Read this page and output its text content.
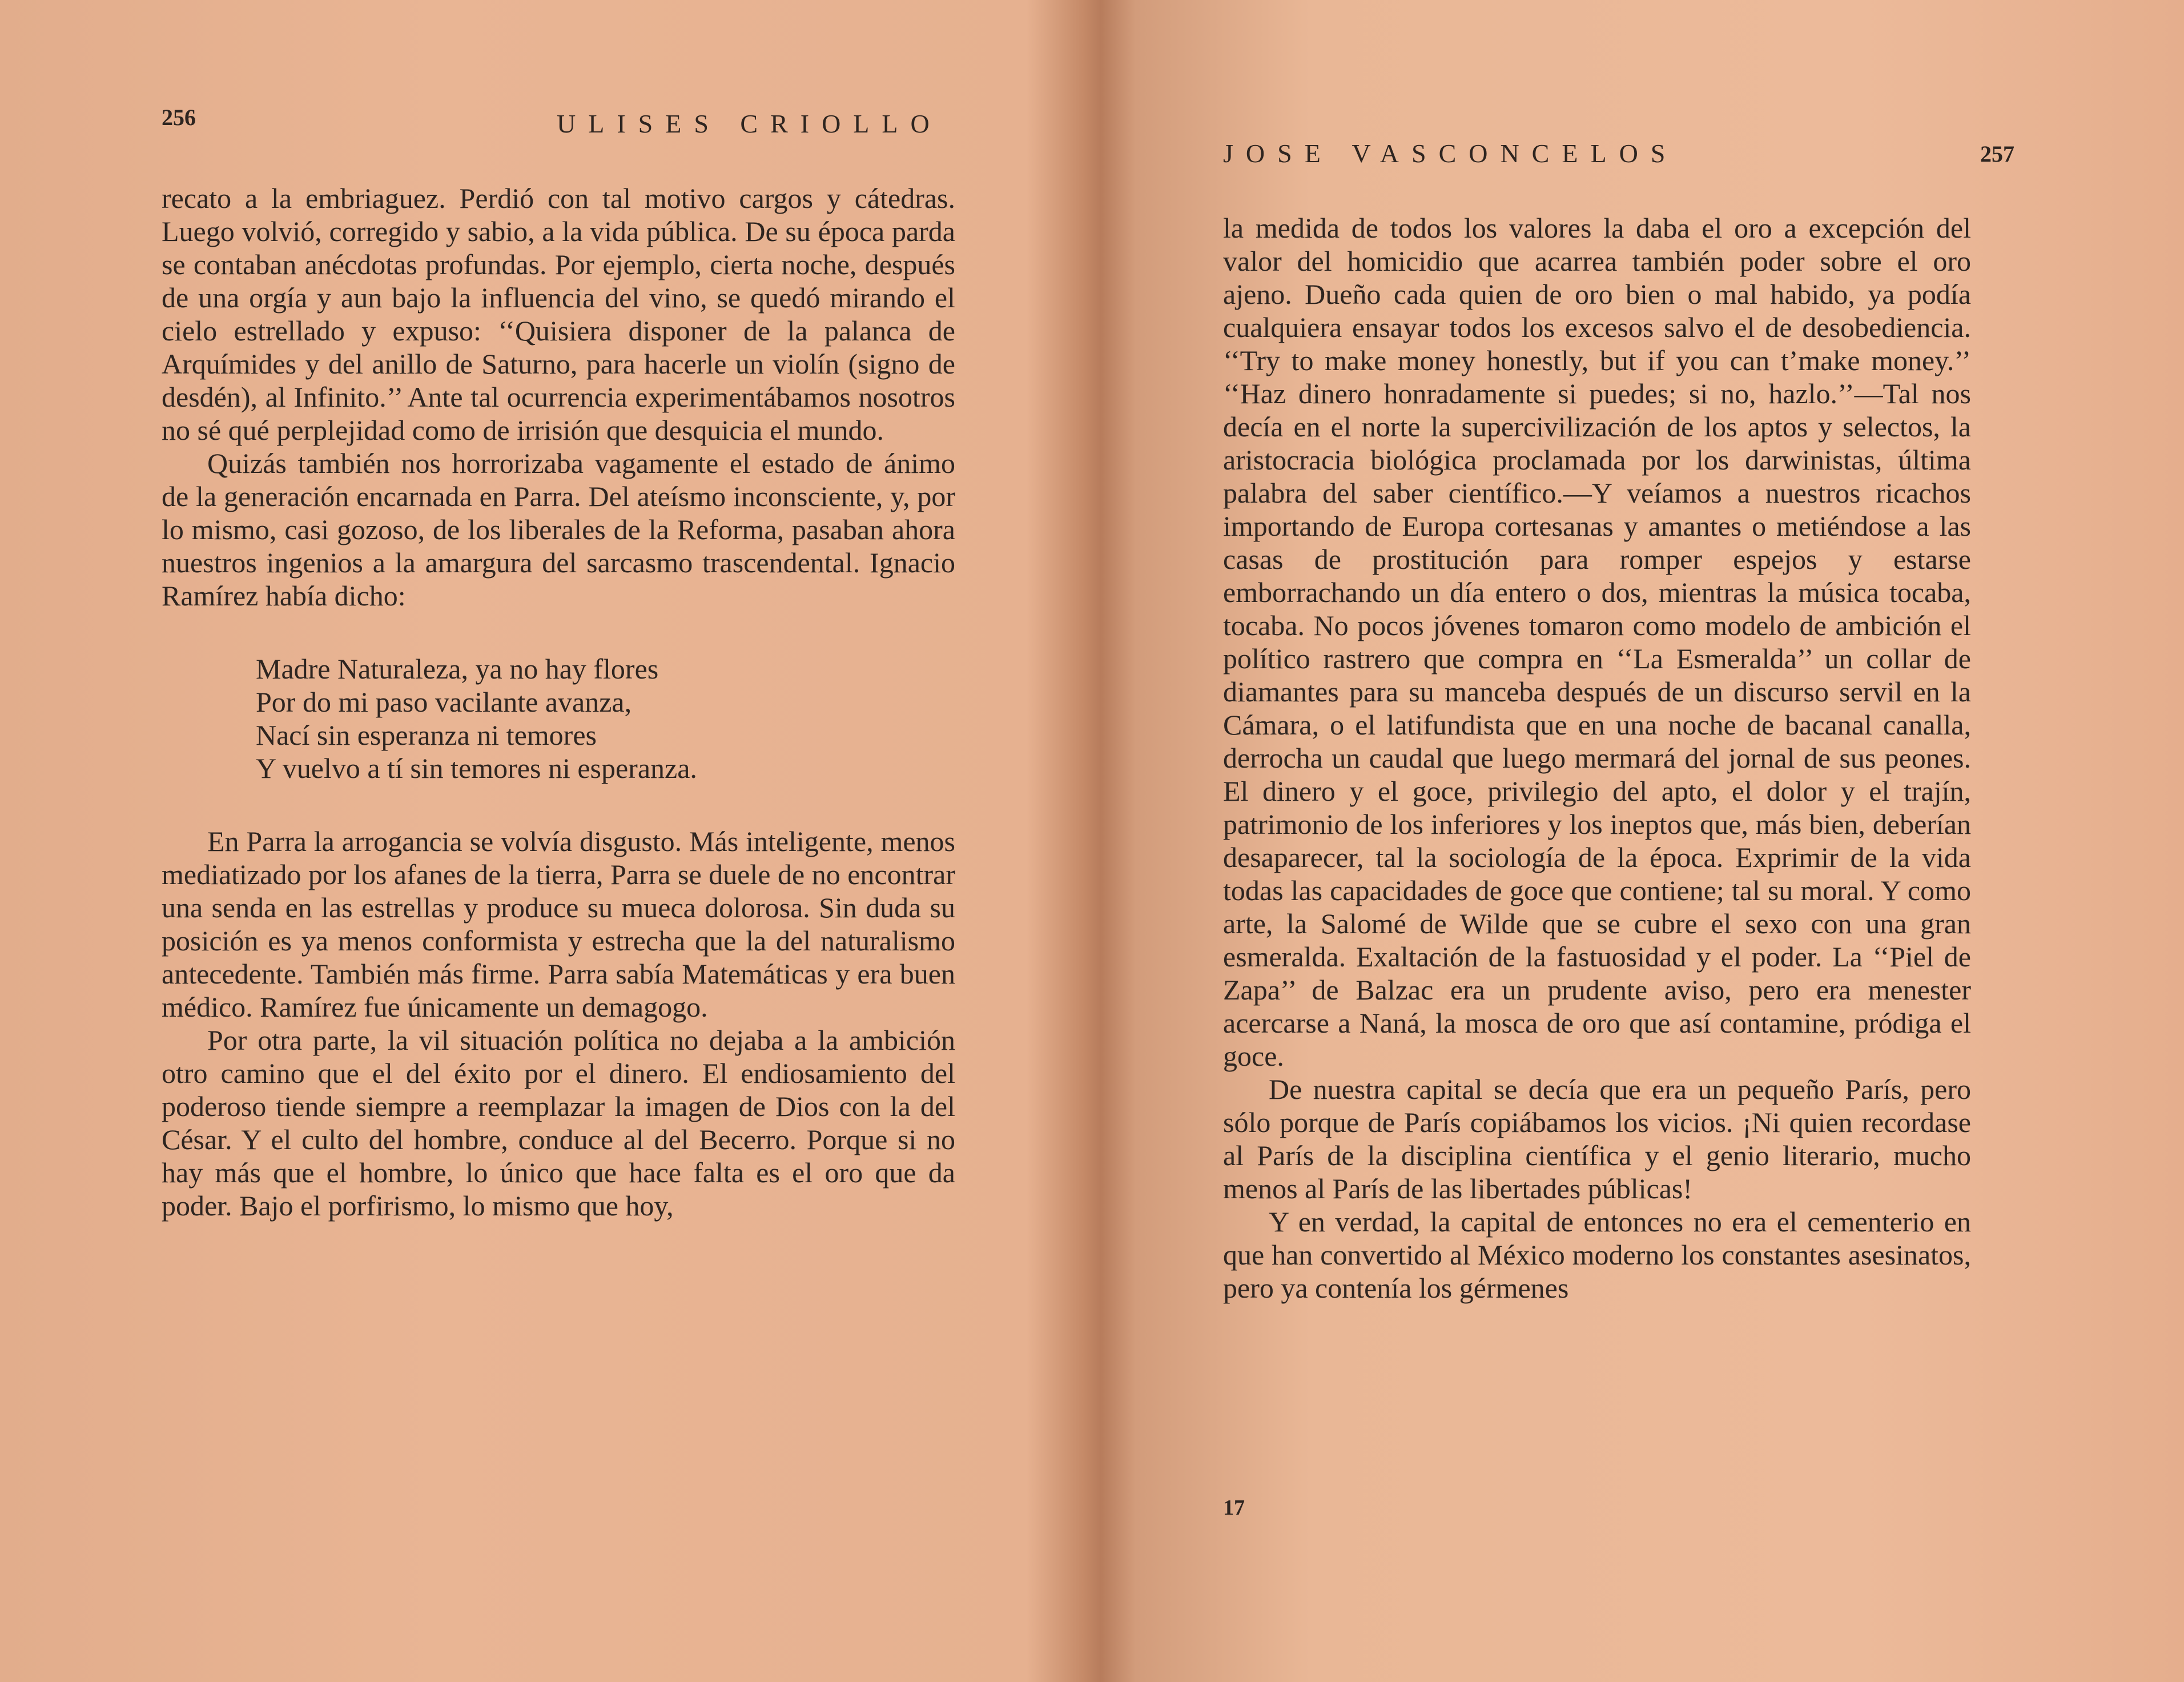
256	ULISES CRIOLLO

recato a la embriaguez. Perdió con tal motivo cargos y cátedras. Luego volvió, corregido y sabio, a la vida pública. De su época parda se contaban anécdotas profundas. Por ejemplo, cierta noche, después de una orgía y aun bajo la influencia del vino, se quedó mirando el cielo estrellado y expuso: ‘‘Quisiera disponer de la palanca de Arquímides y del anillo de Saturno, para hacerle un violín (signo de desdén), al Infinito.’’ Ante tal ocurrencia experimentábamos nosotros no sé qué perplejidad como de irrisión que desquicia el mundo.

Quizás también nos horrorizaba vagamente el estado de ánimo de la generación encarnada en Parra. Del ateísmo inconsciente, y, por lo mismo, casi gozoso, de los liberales de la Reforma, pasaban ahora nuestros ingenios a la amargura del sarcasmo trascendental. Ignacio Ramírez había dicho:

Madre Naturaleza, ya no hay flores
Por do mi paso vacilante avanza,
Nací sin esperanza ni temores
Y vuelvo a tí sin temores ni esperanza.

En Parra la arrogancia se volvía disgusto. Más inteligente, menos mediatizado por los afanes de la tierra, Parra se duele de no encontrar una senda en las estrellas y produce su mueca dolorosa. Sin duda su posición es ya menos conformista y estrecha que la del naturalismo antecedente. También más firme. Parra sabía Matemáticas y era buen médico. Ramírez fue únicamente un demagogo.

Por otra parte, la vil situación política no dejaba a la ambición otro camino que el del éxito por el dinero. El endiosamiento del poderoso tiende siempre a reemplazar la imagen de Dios con la del César. Y el culto del hombre, conduce al del Becerro. Porque si no hay más que el hombre, lo único que hace falta es el oro que da poder. Bajo el porfirismo, lo mismo que hoy,

JOSE VASCONCELOS	257

la medida de todos los valores la daba el oro a excepción del valor del homicidio que acarrea también poder sobre el oro ajeno. Dueño cada quien de oro bien o mal habido, ya podía cualquiera ensayar todos los excesos salvo el de desobediencia. ‘‘Try to make money honestly, but if you can t’make money.’’ ‘‘Haz dinero honradamente si puedes; si no, hazlo.’’—Tal nos decía en el norte la supercivilización de los aptos y selectos, la aristocracia biológica proclamada por los darwinistas, última palabra del saber científico.—Y veíamos a nuestros ricachos importando de Europa cortesanas y amantes o metiéndose a las casas de prostitución para romper espejos y estarse emborrachando un día entero o dos, mientras la música tocaba, tocaba. No pocos jóvenes tomaron como modelo de ambición el político rastrero que compra en ‘‘La Esmeralda’’ un collar de diamantes para su manceba después de un discurso servil en la Cámara, o el latifundista que en una noche de bacanal canalla, derrocha un caudal que luego mermará del jornal de sus peones. El dinero y el goce, privilegio del apto, el dolor y el trajín, patrimonio de los inferiores y los ineptos que, más bien, deberían desaparecer, tal la sociología de la época. Exprimir de la vida todas las capacidades de goce que contiene; tal su moral. Y como arte, la Salomé de Wilde que se cubre el sexo con una gran esmeralda. Exaltación de la fastuosidad y el poder. La ‘‘Piel de Zapa’’ de Balzac era un prudente aviso, pero era menester acercarse a Naná, la mosca de oro que así contamine, pródiga el goce.

De nuestra capital se decía que era un pequeño París, pero sólo porque de París copiábamos los vicios. ¡Ni quien recordase al París de la disciplina científica y el genio literario, mucho menos al París de las libertades públicas!

Y en verdad, la capital de entonces no era el cementerio en que han convertido al México moderno los constantes asesinatos, pero ya contenía los gérmenes

17
